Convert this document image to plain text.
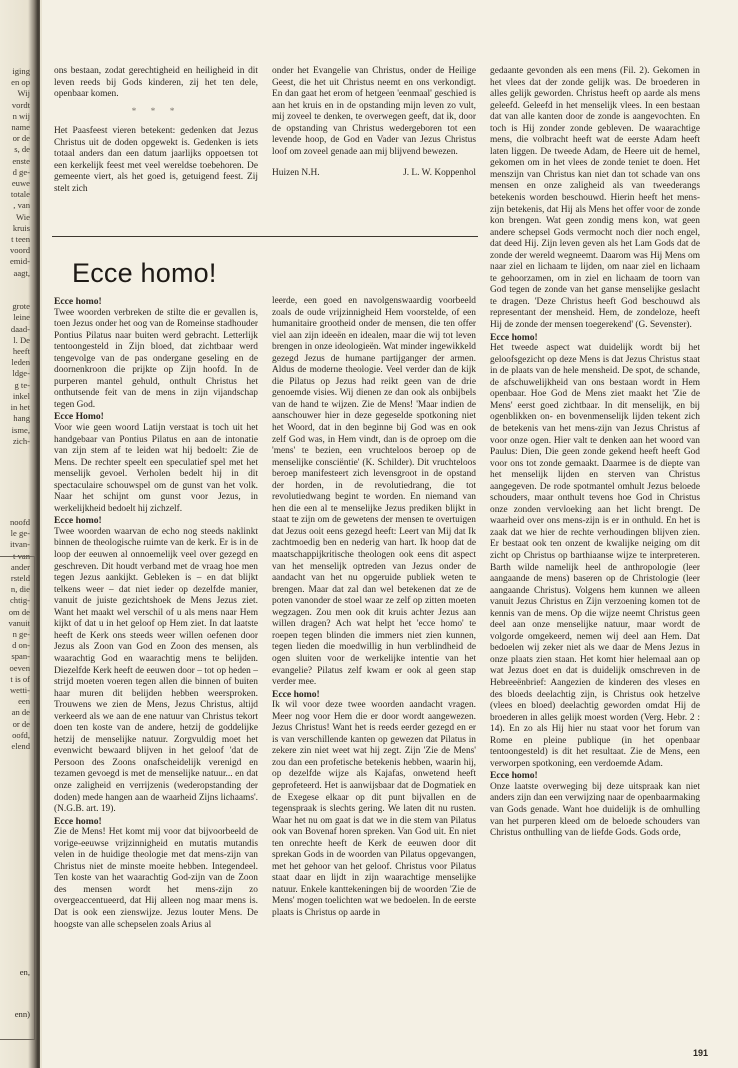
iging
en op
Wij
vordt
n wij
name
or de
s, de
enste
d ge-
euwe
totale
, van
Wie
kruis
t teen
voord
emid-
aagt,

grote
leine
daad-
l. De
heeft
leden
ldge-
g te-
inkel
in het
hang
isme,
zich-
noofd
le ge-
itvan-
t van
ander
rsteld
n, die
chtig-
om de
vanuit
n ge-
d on-
span-
oeven
t is of
wetti-
een
an de
or de
oofd,
elend
en,
enn)

ons bestaan, zodat gerechtigheid en heiligheid in dit leven reeds bij Gods kinderen, zij het ten dele, openbaar komen.

* * *

Het Paasfeest vieren betekent: gedenken dat Jezus Christus uit de doden opgewekt is. Gedenken is iets totaal anders dan een datum jaarlijks oppoetsen tot een kerkelijk feest met veel wereldse toebehoren. De gemeente viert, als het goed is, getuigend feest. Zij stelt zich

onder het Evangelie van Christus, onder de Heilige Geest, die het uit Christus neemt en ons verkondigt. En dan gaat het erom of hetgeen 'eenmaal' geschied is aan het kruis en in de opstanding mijn leven zo vult, mij zoveel te denken, te overwegen geeft, dat ik, door de opstanding van Christus wedergeboren tot een levende hoop, de God en Vader van Jezus Christus loof om zoveel genade aan mij blijvend bewezen.

Huizen N.H.	J. L. W. Koppenhol
Ecce homo!
Ecce homo!

Twee woorden verbreken de stilte die er gevallen is, toen Jezus onder het oog van de Romeinse stadhouder Pontius Pilatus naar buiten werd gebracht. Letterlijk tentoongesteld in Zijn bloed, dat zichtbaar werd tengevolge van de pas ondergane geseling en de doornenkroon die prijkte op Zijn hoofd. In de purperen mantel gehuld, onthult Christus het onthutsende feit van de mens in zijn vijandschap tegen God.

Ecce Homo!

Voor wie geen woord Latijn verstaat is toch uit het handgebaar van Pontius Pilatus en aan de intonatie van zijn stem af te leiden wat hij bedoelt: Zie de Mens. De rechter speelt een speculatief spel met het menselijk gevoel. Verholen bedelt hij in dit spectaculaire schouwspel om de gunst van het volk. Naar het schijnt om gunst voor Jezus, in werkelijkheid bedoelt hij zichzelf.

Ecce homo!

Twee woorden waarvan de echo nog steeds naklinkt binnen de theologische ruimte van de kerk. Er is in de loop der eeuwen al onnoemelijk veel over gezegd en geschreven. Dit houdt verband met de vraag hoe men tegen Jezus aankijkt. Gebleken is – en dat blijkt telkens weer – dat niet ieder op dezelfde manier, vanuit de juiste gezichtshoek de Mens Jezus ziet. Want het maakt wel verschil of u als mens naar Hem kijkt of dat u in het geloof op Hem ziet. In dat laatste heeft de Kerk ons steeds weer willen oefenen door Jezus als Zoon van God en Zoon des mensen, als waarachtig God en waarachtig mens te belijden. Diezelfde Kerk heeft de eeuwen door – tot op heden – strijd moeten voeren tegen allen die binnen of buiten haar muren dit belijden hebben weersproken. Trouwens we zien de Mens, Jezus Christus, altijd verkeerd als we aan de ene natuur van Christus tekort doen ten koste van de andere, hetzij de goddelijke hetzij de menselijke natuur. Zorgvuldig moet het evenwicht bewaard blijven in het geloof 'dat de Persoon des Zoons onafscheidelijk verenigd en tezamen gevoegd is met de menselijke natuur... en dat onze zaligheid en verrijzenis (wederopstanding der doden) mede hangen aan de waarheid Zijns lichaams'. (N.G.B. art. 19).

Ecce homo!

Zie de Mens! Het komt mij voor dat bijvoorbeeld de vorige-eeuwse vrijzinnigheid en mutatis mutandis velen in de huidige theologie met dat mens-zijn van Christus niet de minste moeite hebben. Integendeel. Ten koste van het waarachtig God-zijn van de Zoon des mensen wordt het mens-zijn zo overgeaccentueerd, dat Hij alleen nog maar mens is. Dat is ook een zienswijze. Jezus louter Mens. De hoogste van alle schepselen zoals Arius al

leerde, een goed en navolgenswaardig voorbeeld zoals de oude vrijzinnigheid Hem voorstelde, of een humanitaire grootheid onder de mensen, die ten offer viel aan zijn ideeën en idealen, maar die wij tot leven brengen in onze ideologieën. Wat minder ingewikkeld gezegd Jezus de humane partijganger der armen. Aldus de moderne theologie. Veel verder dan de kijk die Pilatus op Jezus had reikt geen van de drie genoemde visies. Wij dienen ze dan ook als onbijbels van de hand te wijzen. Zie de Mens! 'Maar indien de aanschouwer hier in deze gegeselde spotkoning niet het Woord, dat in den beginne bij God was en ook zelf God was, in Hem vindt, dan is de oproep om die 'mens' te bezien, een vruchteloos beroep op de menselijke consciëntie' (K. Schilder). Dit vruchteloos beroep manifesteert zich levensgroot in de opstand der horden, in de revolutiedrang, die tot revolutiedwang begint te worden. En niemand van hen die een al te menselijke Jezus prediken blijkt in staat te zijn om de gewetens der mensen te overtuigen dat Jezus ooit eens gezegd heeft: Leert van Mij dat Ik zachtmoedig ben en nederig van hart. Ik hoop dat de maatschappijkritische theologen ook eens dit aspect van het menselijk optreden van Jezus onder de aandacht van het nu opgeruide publiek weten te brengen. Maar dat zal dan wel betekenen dat ze de poten vanonder de stoel waar ze zelf op zitten moeten wegzagen. Zou men ook dit kruis achter Jezus aan willen dragen? Ach wat helpt het 'ecce homo' te roepen tegen blinden die immers niet zien kunnen, tegen lieden die moedwillig in hun verblindheid de ogen sluiten voor de werkelijke intentie van het evangelie? Pilatus zelf kwam er ook al geen stap verder mee.

Ecce homo!

Ik wil voor deze twee woorden aandacht vragen. Meer nog voor Hem die er door wordt aangewezen. Jezus Christus! Want het is reeds eerder gezegd en er is van verschillende kanten op gewezen dat Pilatus in zekere zin niet weet wat hij zegt. Zijn 'Zie de Mens' zou dan een profetische betekenis hebben, waarin hij, op dezelfde wijze als Kajafas, onwetend heeft geprofeteerd. Het is aanwijsbaar dat de Dogmatiek en de Exegese elkaar op dit punt bijvallen en de tegenspraak is slechts gering. We laten dit nu rusten. Waar het nu om gaat is dat we in die stem van Pilatus ook van Bovenaf horen spreken. Van God uit. En niet ten onrechte heeft de Kerk de eeuwen door dit sprekan Gods in de woorden van Pilatus opgevangen, met het gehoor van het geloof. Christus voor Pilatus staat daar en lijdt in zijn waarachtige menselijke natuur. Enkele kanttekeningen bij de woorden 'Zie de Mens' mogen toelichten wat we bedoelen. In de eerste plaats is Christus op aarde in

gedaante gevonden als een mens (Fil. 2). Gekomen in het vlees dat der zonde gelijk was. De broederen in alles gelijk geworden. Christus heeft op aarde als mens geleefd. Geleefd in het menselijk vlees. In een bestaan dat van alle kanten door de zonde is aangevochten. En toch is Hij zonder zonde gebleven. De waarachtige mens, die volbracht heeft wat de eerste Adam heeft laten liggen. De tweede Adam, de Heere uit de hemel, gekomen om in het vlees de zonde teniet te doen. Het menszijn van Christus kan niet dan tot schade van ons mensen en onze zaligheid als van tweederangs betekenis worden beschouwd. Hierin heeft het mens-zijn betekenis, dat Hij als Mens het offer voor de zonde kon brengen. Wat geen zondig mens kon, wat geen andere schepsel Gods vermocht noch dier noch engel, dat deed Hij. Zijn leven geven als het Lam Gods dat de zonde der wereld wegneemt. Daarom was Hij Mens om naar ziel en lichaam te lijden, om naar ziel en lichaam te gehoorzamen, om in ziel en lichaam de toorn van God tegen de zonde van het ganse menselijke geslacht te dragen. 'Deze Christus heeft God beschouwd als representant der mensheid. Hem, de zondeloze, heeft Hij de zonde der mensen toegerekend' (G. Sevenster).

Ecce homo!

Het tweede aspect wat duidelijk wordt bij het geloofsgezicht op deze Mens is dat Jezus Christus staat in de plaats van de hele mensheid. De spot, de schande, de afschuwelijkheid van ons bestaan wordt in Hem openbaar. Hoe God de Mens ziet maakt het 'Zie de Mens' eerst goed zichtbaar. In dit menselijk, en bij ogenblikken on- en bovenmenselijk lijden tekent zich de betekenis van het mens-zijn van Jezus Christus af voor onze ogen. Hier valt te denken aan het woord van Paulus: Dien, Die geen zonde gekend heeft heeft God voor ons tot zonde gemaakt. Daarmee is de diepte van het menselijk lijden en sterven van Christus aangegeven. De rode spotmantel omhult Jezus beloede schouders, maar onthult tevens hoe God in Christus onze zonden vervloeking aan het licht brengt. De waarheid over ons mens-zijn is er in onthuld. En het is zaak dat we hier de rechte verhoudingen blijven zien. Er bestaat ook ten onzent de kwalijke neiging om dit zicht op Christus op barthiaanse wijze te interpreteren. Barth wilde namelijk heel de anthropologie (leer aangaande de mens) baseren op de Christologie (leer aangaande Christus). Volgens hem kunnen we alleen vanuit Jezus Christus en Zijn verzoening komen tot de kennis van de mens. Op die wijze neemt Christus geen deel aan onze menselijke natuur, maar wordt de volgorde omgekeerd, nemen wij deel aan Hem. Dat bedoelen wij zeker niet als we daar de Mens Jezus in onze plaats zien staan. Het komt hier helemaal aan op wat Jezus doet en dat is duidelijk omschreven in de Hebreeënbrief: Aangezien de kinderen des vleses en des bloeds deelachtig zijn, is Christus ook hetzelve (vlees en bloed) deelachtig geworden omdat Hij de broederen in alles gelijk moest worden (Verg. Hebr. 2 : 14). En zo als Hij hier nu staat voor het forum van Rome en pleine publique (in het openbaar tentoongesteld) is dit het resultaat. Zie de Mens, een verworpen spotkoning, een verdoemde Adam.

Ecce homo!

Onze laatste overweging bij deze uitspraak kan niet anders zijn dan een verwijzing naar de openbaarmaking van Gods genade. Want hoe duidelijk is de omhulling van het purperen kleed om de beloede schouders van Christus onthulling van de liefde Gods. Gods orde,

191
